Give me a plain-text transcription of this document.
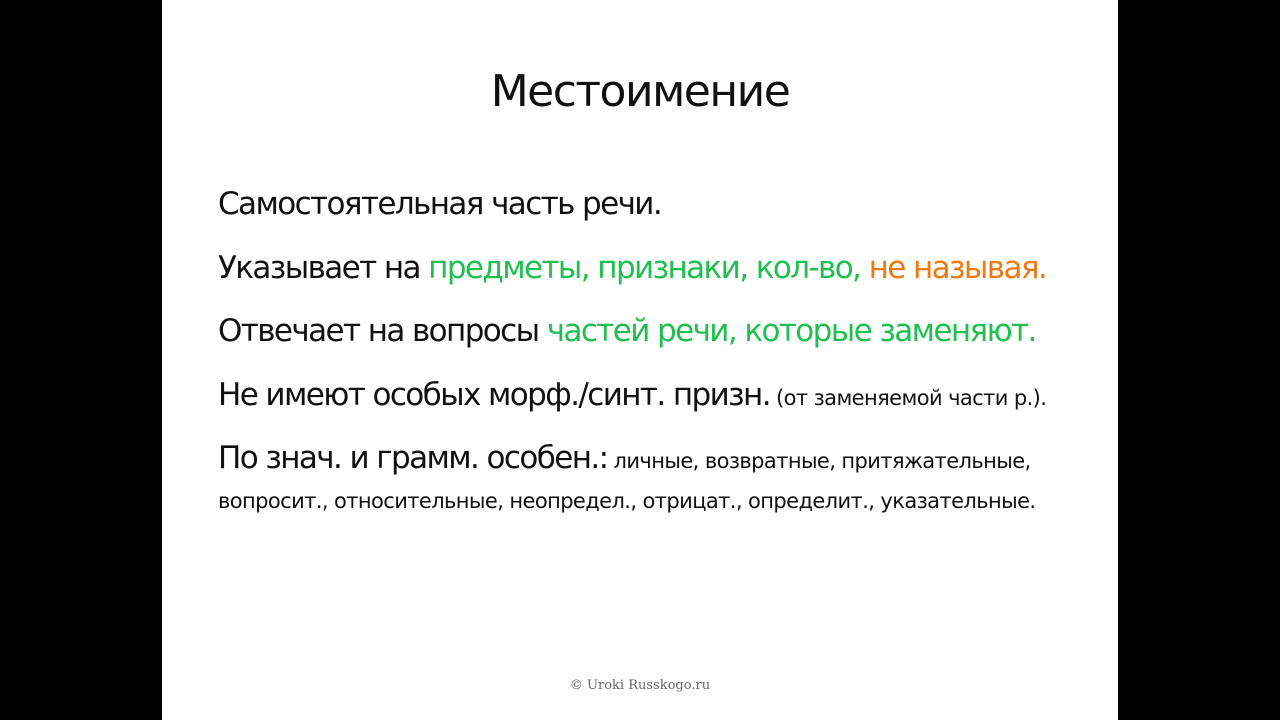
Местоимение
Самостоятельная часть речи.
Указывает на предметы, признаки, кол-во, не называя.
Отвечает на вопросы частей речи, которые заменяют.
Не имеют особых морф./синт. призн. (от заменяемой части р.).
По знач. и грамм. особен.: личные, возвратные, притяжательные,
вопросит., относительные, неопредел., отрицат., определит., указательные.
© Uroki Russkogo.ru
